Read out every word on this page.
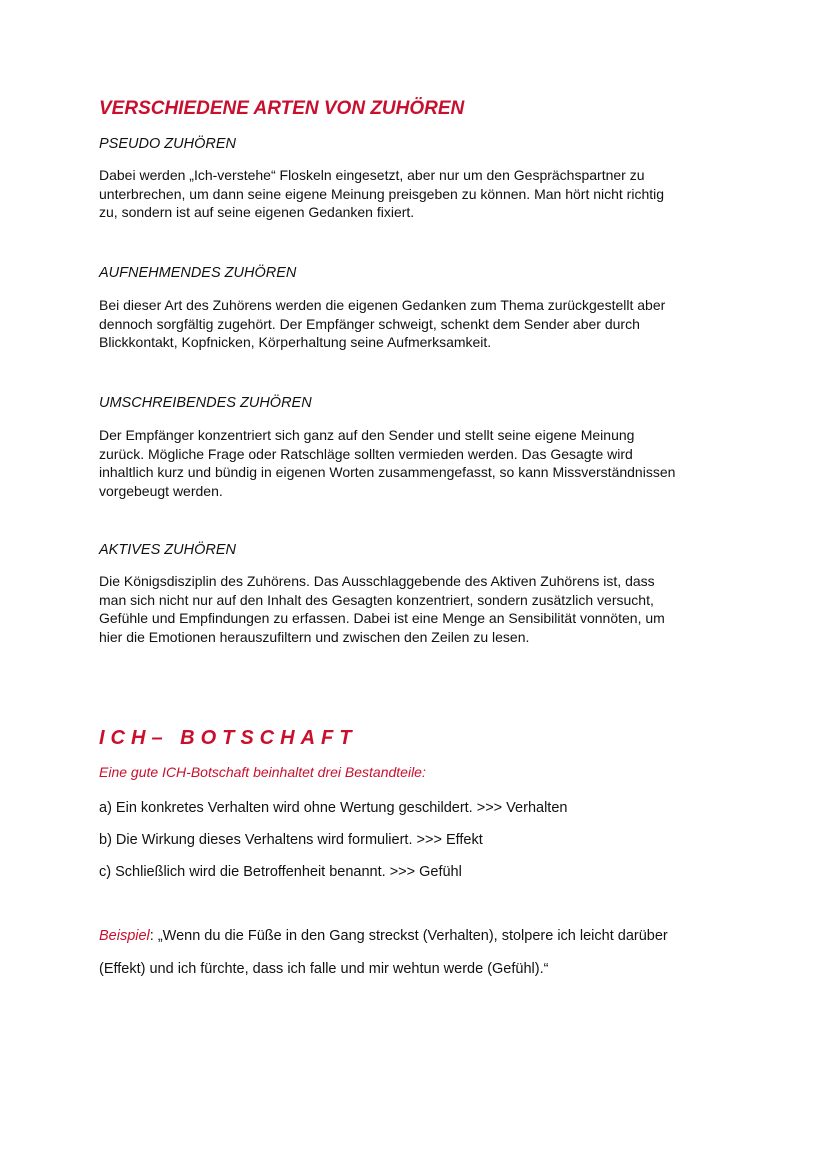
VERSCHIEDENE ARTEN VON ZUHÖREN
PSEUDO ZUHÖREN
Dabei werden „Ich-verstehe“ Floskeln eingesetzt, aber nur um den Gesprächspartner zu
unterbrechen, um dann seine eigene Meinung preisgeben zu können. Man hört nicht richtig
zu, sondern ist auf seine eigenen Gedanken fixiert.
AUFNEHMENDES ZUHÖREN
Bei dieser Art des Zuhörens werden die eigenen Gedanken zum Thema zurückgestellt aber
dennoch sorgfältig zugehört. Der Empfänger schweigt, schenkt dem Sender aber durch
Blickkontakt, Kopfnicken, Körperhaltung seine Aufmerksamkeit.
UMSCHREIBENDES ZUHÖREN
Der Empfänger konzentriert sich ganz auf den Sender und stellt seine eigene Meinung
zurück. Mögliche Frage oder Ratschläge sollten vermieden werden. Das Gesagte wird
inhaltlich kurz und bündig in eigenen Worten zusammengefasst, so kann Missverständnissen
vorgebeugt werden.
AKTIVES ZUHÖREN
Die Königsdisziplin des Zuhörens. Das Ausschlaggebende des Aktiven Zuhörens ist, dass
man sich nicht nur auf den Inhalt des Gesagten konzentriert, sondern zusätzlich versucht,
Gefühle und Empfindungen zu erfassen. Dabei ist eine Menge an Sensibilität vonnöten, um
hier die Emotionen herauszufiltern und zwischen den Zeilen zu lesen.
ICH– BOTSCHAFT
Eine gute ICH-Botschaft beinhaltet drei Bestandteile:
a) Ein konkretes Verhalten wird ohne Wertung geschildert. >>> Verhalten
b) Die Wirkung dieses Verhaltens wird formuliert. >>> Effekt
c) Schließlich wird die Betroffenheit benannt. >>> Gefühl
Beispiel: „Wenn du die Füße in den Gang streckst (Verhalten), stolpere ich leicht darüber
(Effekt) und ich fürchte, dass ich falle und mir wehtun werde (Gefühl).“
